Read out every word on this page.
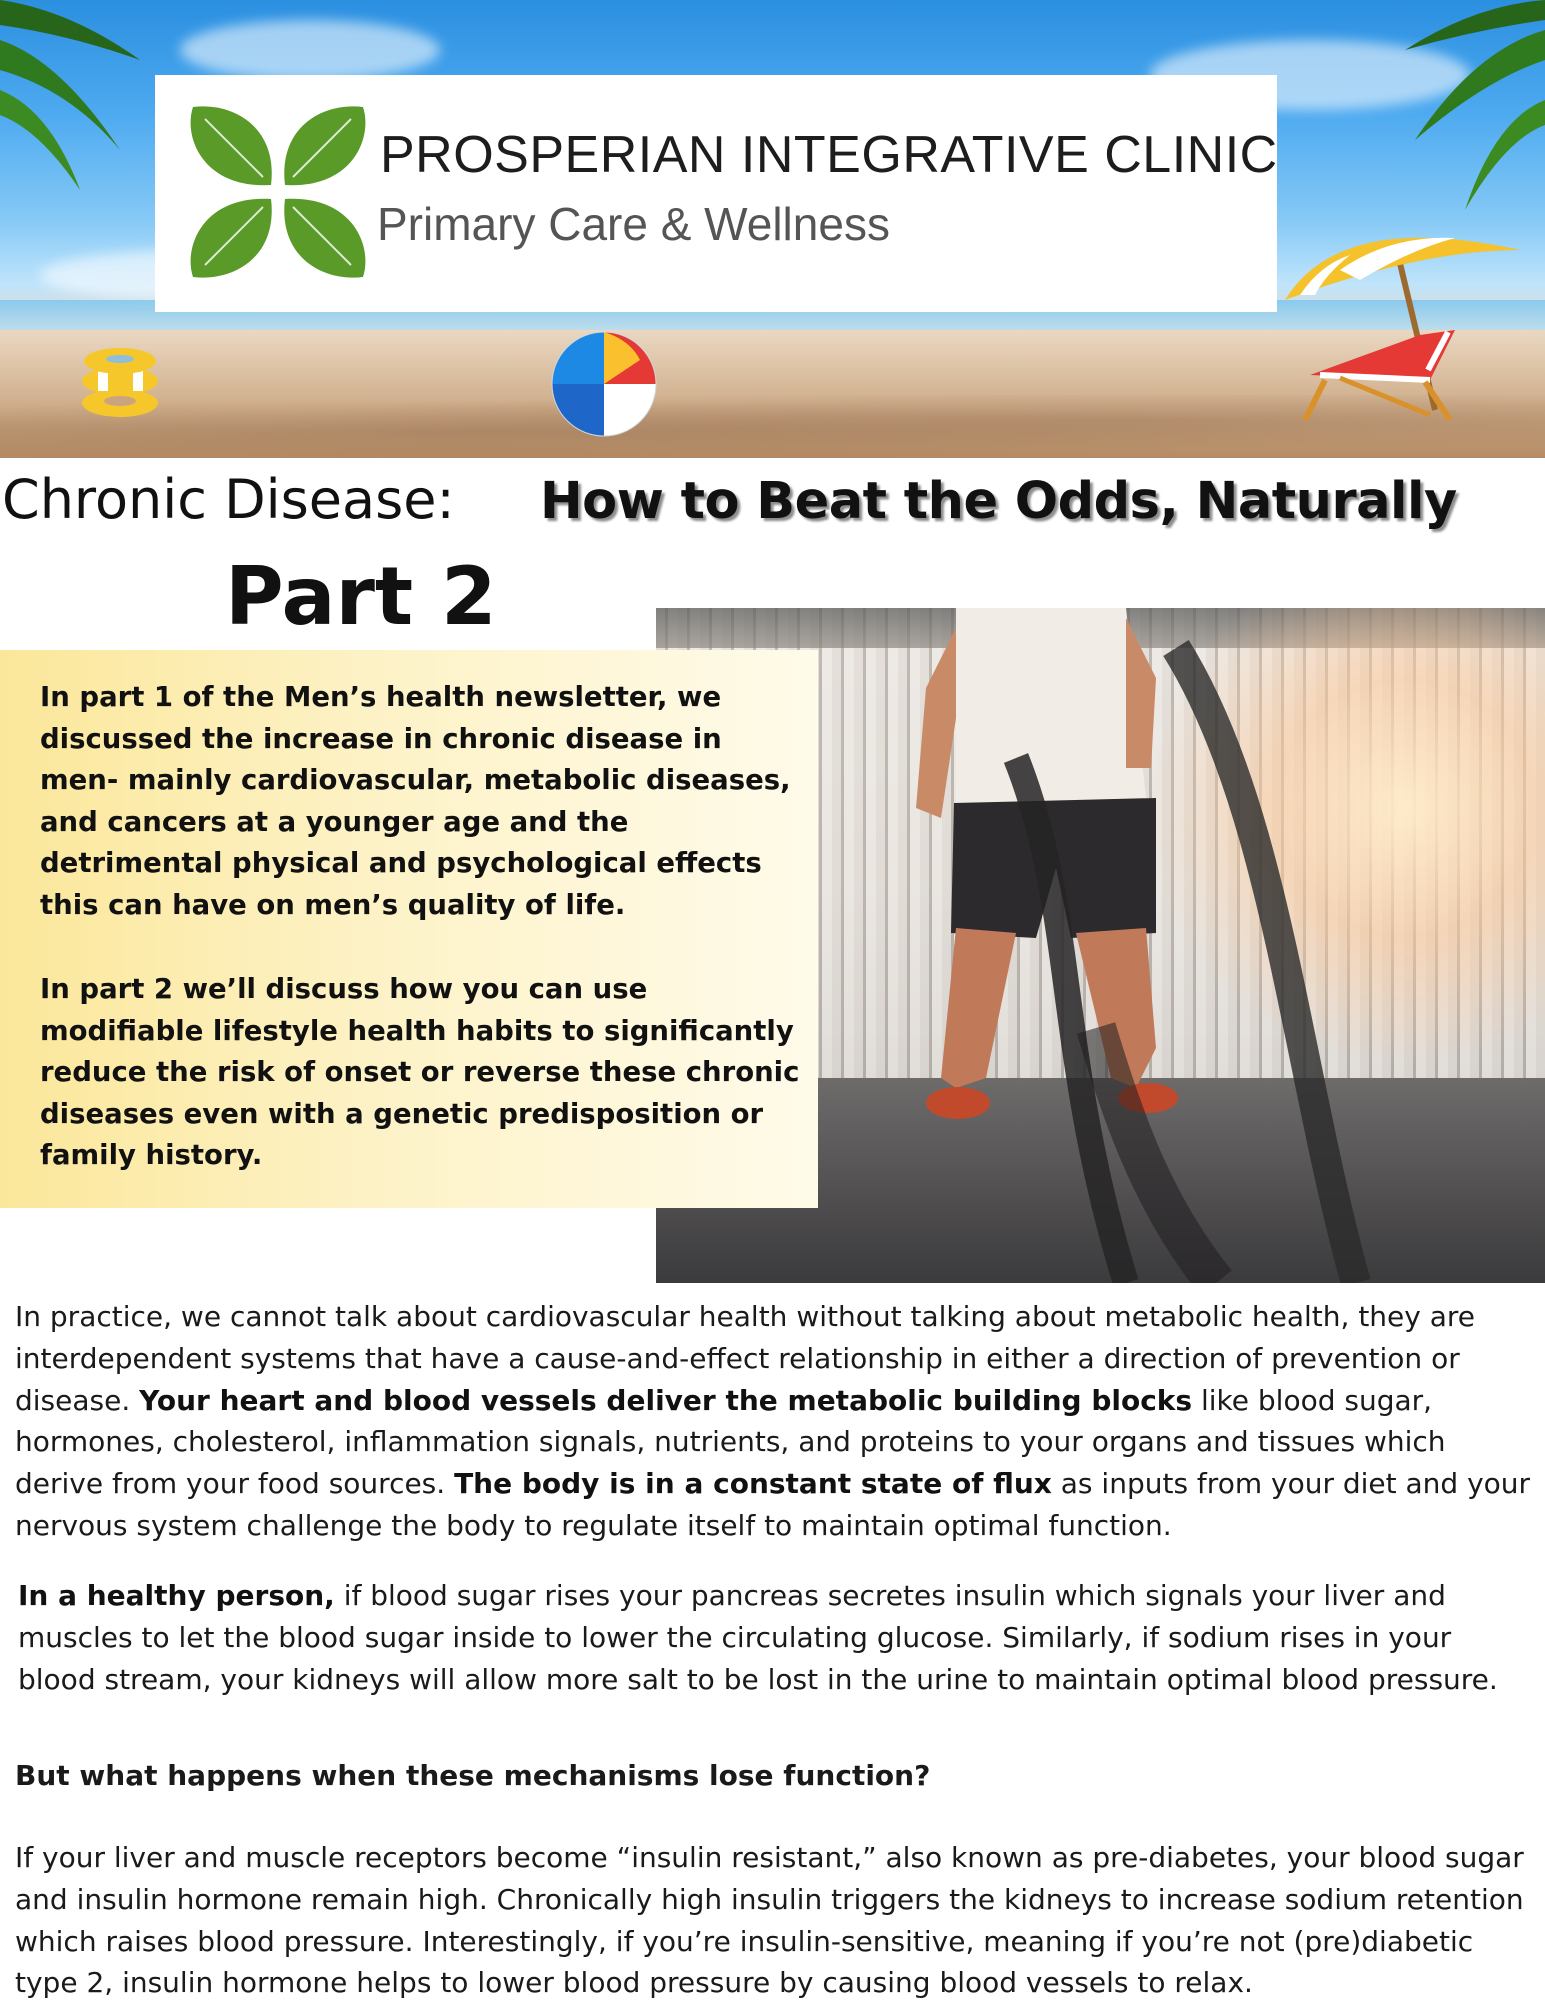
PROSPERIAN INTEGRATIVE CLINIC
Primary Care & Wellness
Chronic Disease: How to Beat the Odds, Naturally
Part 2

In part 1 of the Men’s health newsletter, we discussed the increase in chronic disease in men- mainly cardiovascular, metabolic diseases, and cancers at a younger age and the detrimental physical and psychological effects this can have on men’s quality of life.

In part 2 we’ll discuss how you can use modifiable lifestyle health habits to significantly reduce the risk of onset or reverse these chronic diseases even with a genetic predisposition or family history.

In practice, we cannot talk about cardiovascular health without talking about metabolic health, they are interdependent systems that have a cause-and-effect relationship in either a direction of prevention or disease. Your heart and blood vessels deliver the metabolic building blocks like blood sugar, hormones, cholesterol, inflammation signals, nutrients, and proteins to your organs and tissues which derive from your food sources. The body is in a constant state of flux as inputs from your diet and your nervous system challenge the body to regulate itself to maintain optimal function.

In a healthy person, if blood sugar rises your pancreas secretes insulin which signals your liver and muscles to let the blood sugar inside to lower the circulating glucose. Similarly, if sodium rises in your blood stream, your kidneys will allow more salt to be lost in the urine to maintain optimal blood pressure.

But what happens when these mechanisms lose function?

If your liver and muscle receptors become “insulin resistant,” also known as pre-diabetes, your blood sugar and insulin hormone remain high. Chronically high insulin triggers the kidneys to increase sodium retention which raises blood pressure. Interestingly, if you’re insulin-sensitive, meaning if you’re not (pre)diabetic type 2, insulin hormone helps to lower blood pressure by causing blood vessels to relax.
